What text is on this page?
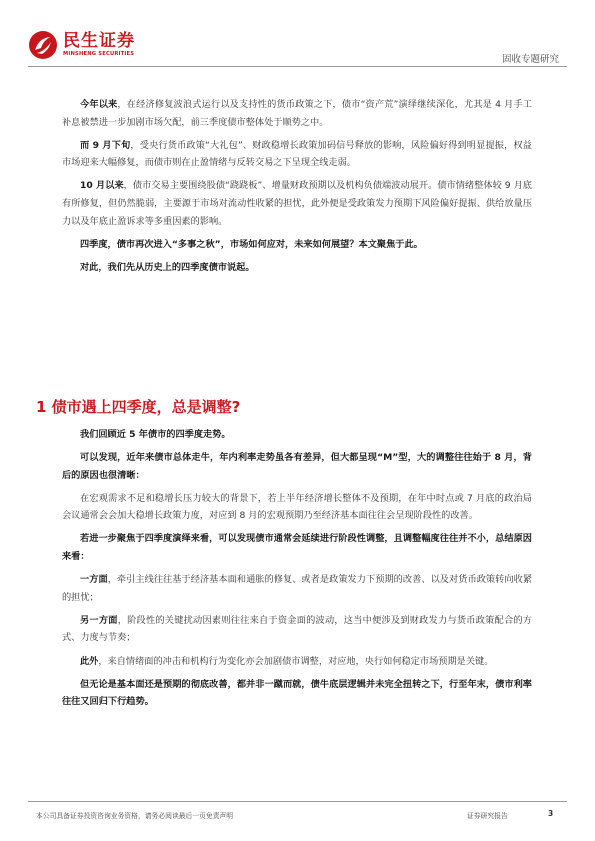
民生证券
MINSHENG SECURITIES
固收专题研究

今年以来，在经济修复波浪式运行以及支持性的货币政策之下，债市“资产荒”演绎继续深化，尤其是 4 月手工补息被禁进一步加剧市场欠配，前三季度债市整体处于顺势之中。

而 9 月下旬，受央行货币政策“大礼包”、财政稳增长政策加码信号释放的影响，风险偏好得到明显提振，权益市场迎来大幅修复，而债市则在止盈情绪与反转交易之下呈现全线走弱。

10 月以来，债市交易主要围绕股债“跷跷板”、增量财政预期以及机构负债端波动展开。债市情绪整体较 9 月底有所修复，但仍然脆弱，主要源于市场对流动性收紧的担忧，此外便是受政策发力预期下风险偏好提振、供给放量压力以及年底止盈诉求等多重因素的影响。

四季度，债市再次进入“多事之秋”，市场如何应对，未来如何展望？本文聚焦于此。

对此，我们先从历史上的四季度债市说起。

1 债市遇上四季度，总是调整?

我们回顾近 5 年债市的四季度走势。

可以发现，近年来债市总体走牛，年内利率走势虽各有差异，但大都呈现“M”型，大的调整往往始于 8 月，背后的原因也很清晰：

在宏观需求不足和稳增长压力较大的背景下，若上半年经济增长整体不及预期，在年中时点或 7 月底的政治局会议通常会会加大稳增长政策力度，对应到 8 月的宏观预期乃至经济基本面往往会呈现阶段性的改善。

若进一步聚焦于四季度演绎来看，可以发现债市通常会延续进行阶段性调整，且调整幅度往往并不小，总结原因来看：

一方面，牵引主线往往基于经济基本面和通胀的修复、或者是政策发力下预期的改善、以及对货币政策转向收紧的担忧；

另一方面，阶段性的关键扰动因素则往往来自于资金面的波动，这当中便涉及到财政发力与货币政策配合的方式、力度与节奏；

此外，来自情绪面的冲击和机构行为变化亦会加剧债市调整，对应地，央行如何稳定市场预期是关键。

但无论是基本面还是预期的彻底改善，都并非一蹴而就，债牛底层逻辑并未完全扭转之下，行至年末，债市利率往往又回归下行趋势。

本公司具备证券投资咨询业务资格，请务必阅读最后一页免责声明	证券研究报告	3
